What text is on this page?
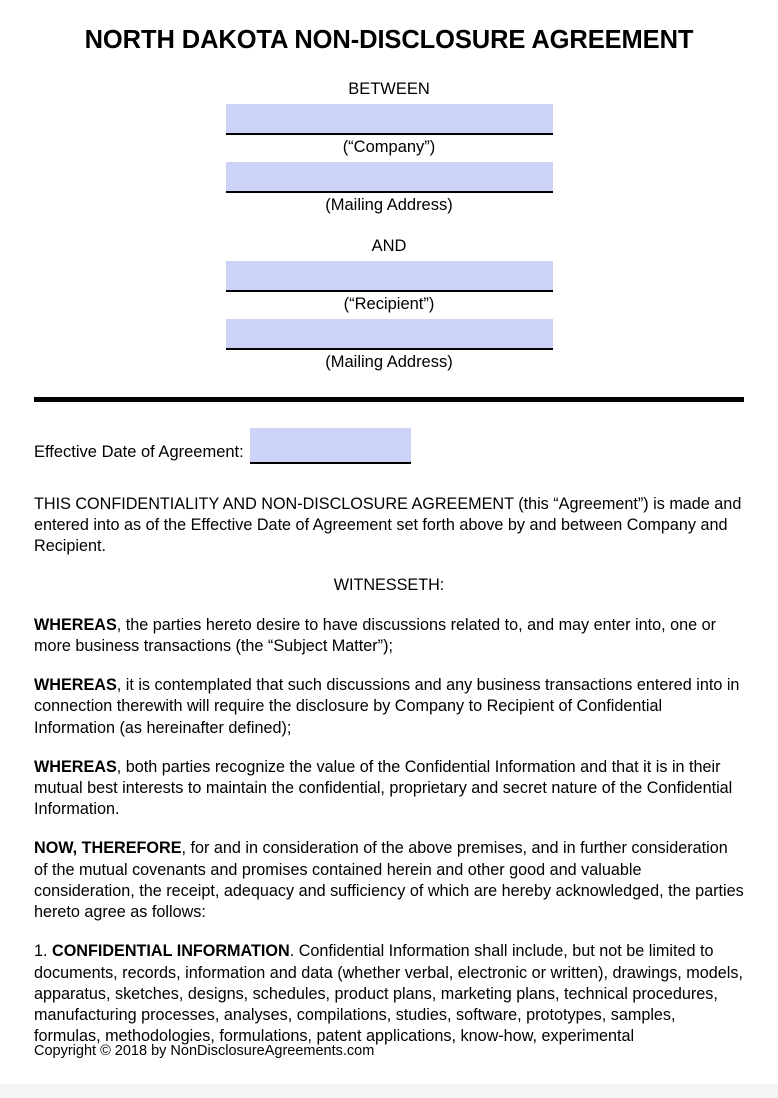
NORTH DAKOTA NON-DISCLOSURE AGREEMENT
BETWEEN
(“Company”)
(Mailing Address)
AND
(“Recipient”)
(Mailing Address)
Effective Date of Agreement:

THIS CONFIDENTIALITY AND NON-DISCLOSURE AGREEMENT (this “Agreement”) is made and entered into as of the Effective Date of Agreement set forth above by and between Company and Recipient.

WITNESSETH:

WHEREAS, the parties hereto desire to have discussions related to, and may enter into, one or more business transactions (the “Subject Matter”);

WHEREAS, it is contemplated that such discussions and any business transactions entered into in connection therewith will require the disclosure by Company to Recipient of Confidential Information (as hereinafter defined);

WHEREAS, both parties recognize the value of the Confidential Information and that it is in their mutual best interests to maintain the confidential, proprietary and secret nature of the Confidential Information.

NOW, THEREFORE, for and in consideration of the above premises, and in further consideration of the mutual covenants and promises contained herein and other good and valuable consideration, the receipt, adequacy and sufficiency of which are hereby acknowledged, the parties hereto agree as follows:

1. CONFIDENTIAL INFORMATION. Confidential Information shall include, but not be limited to documents, records, information and data (whether verbal, electronic or written), drawings, models, apparatus, sketches, designs, schedules, product plans, marketing plans, technical procedures, manufacturing processes, analyses, compilations, studies, software, prototypes, samples, formulas, methodologies, formulations, patent applications, know-how, experimental

Copyright © 2018 by NonDisclosureAgreements.com
